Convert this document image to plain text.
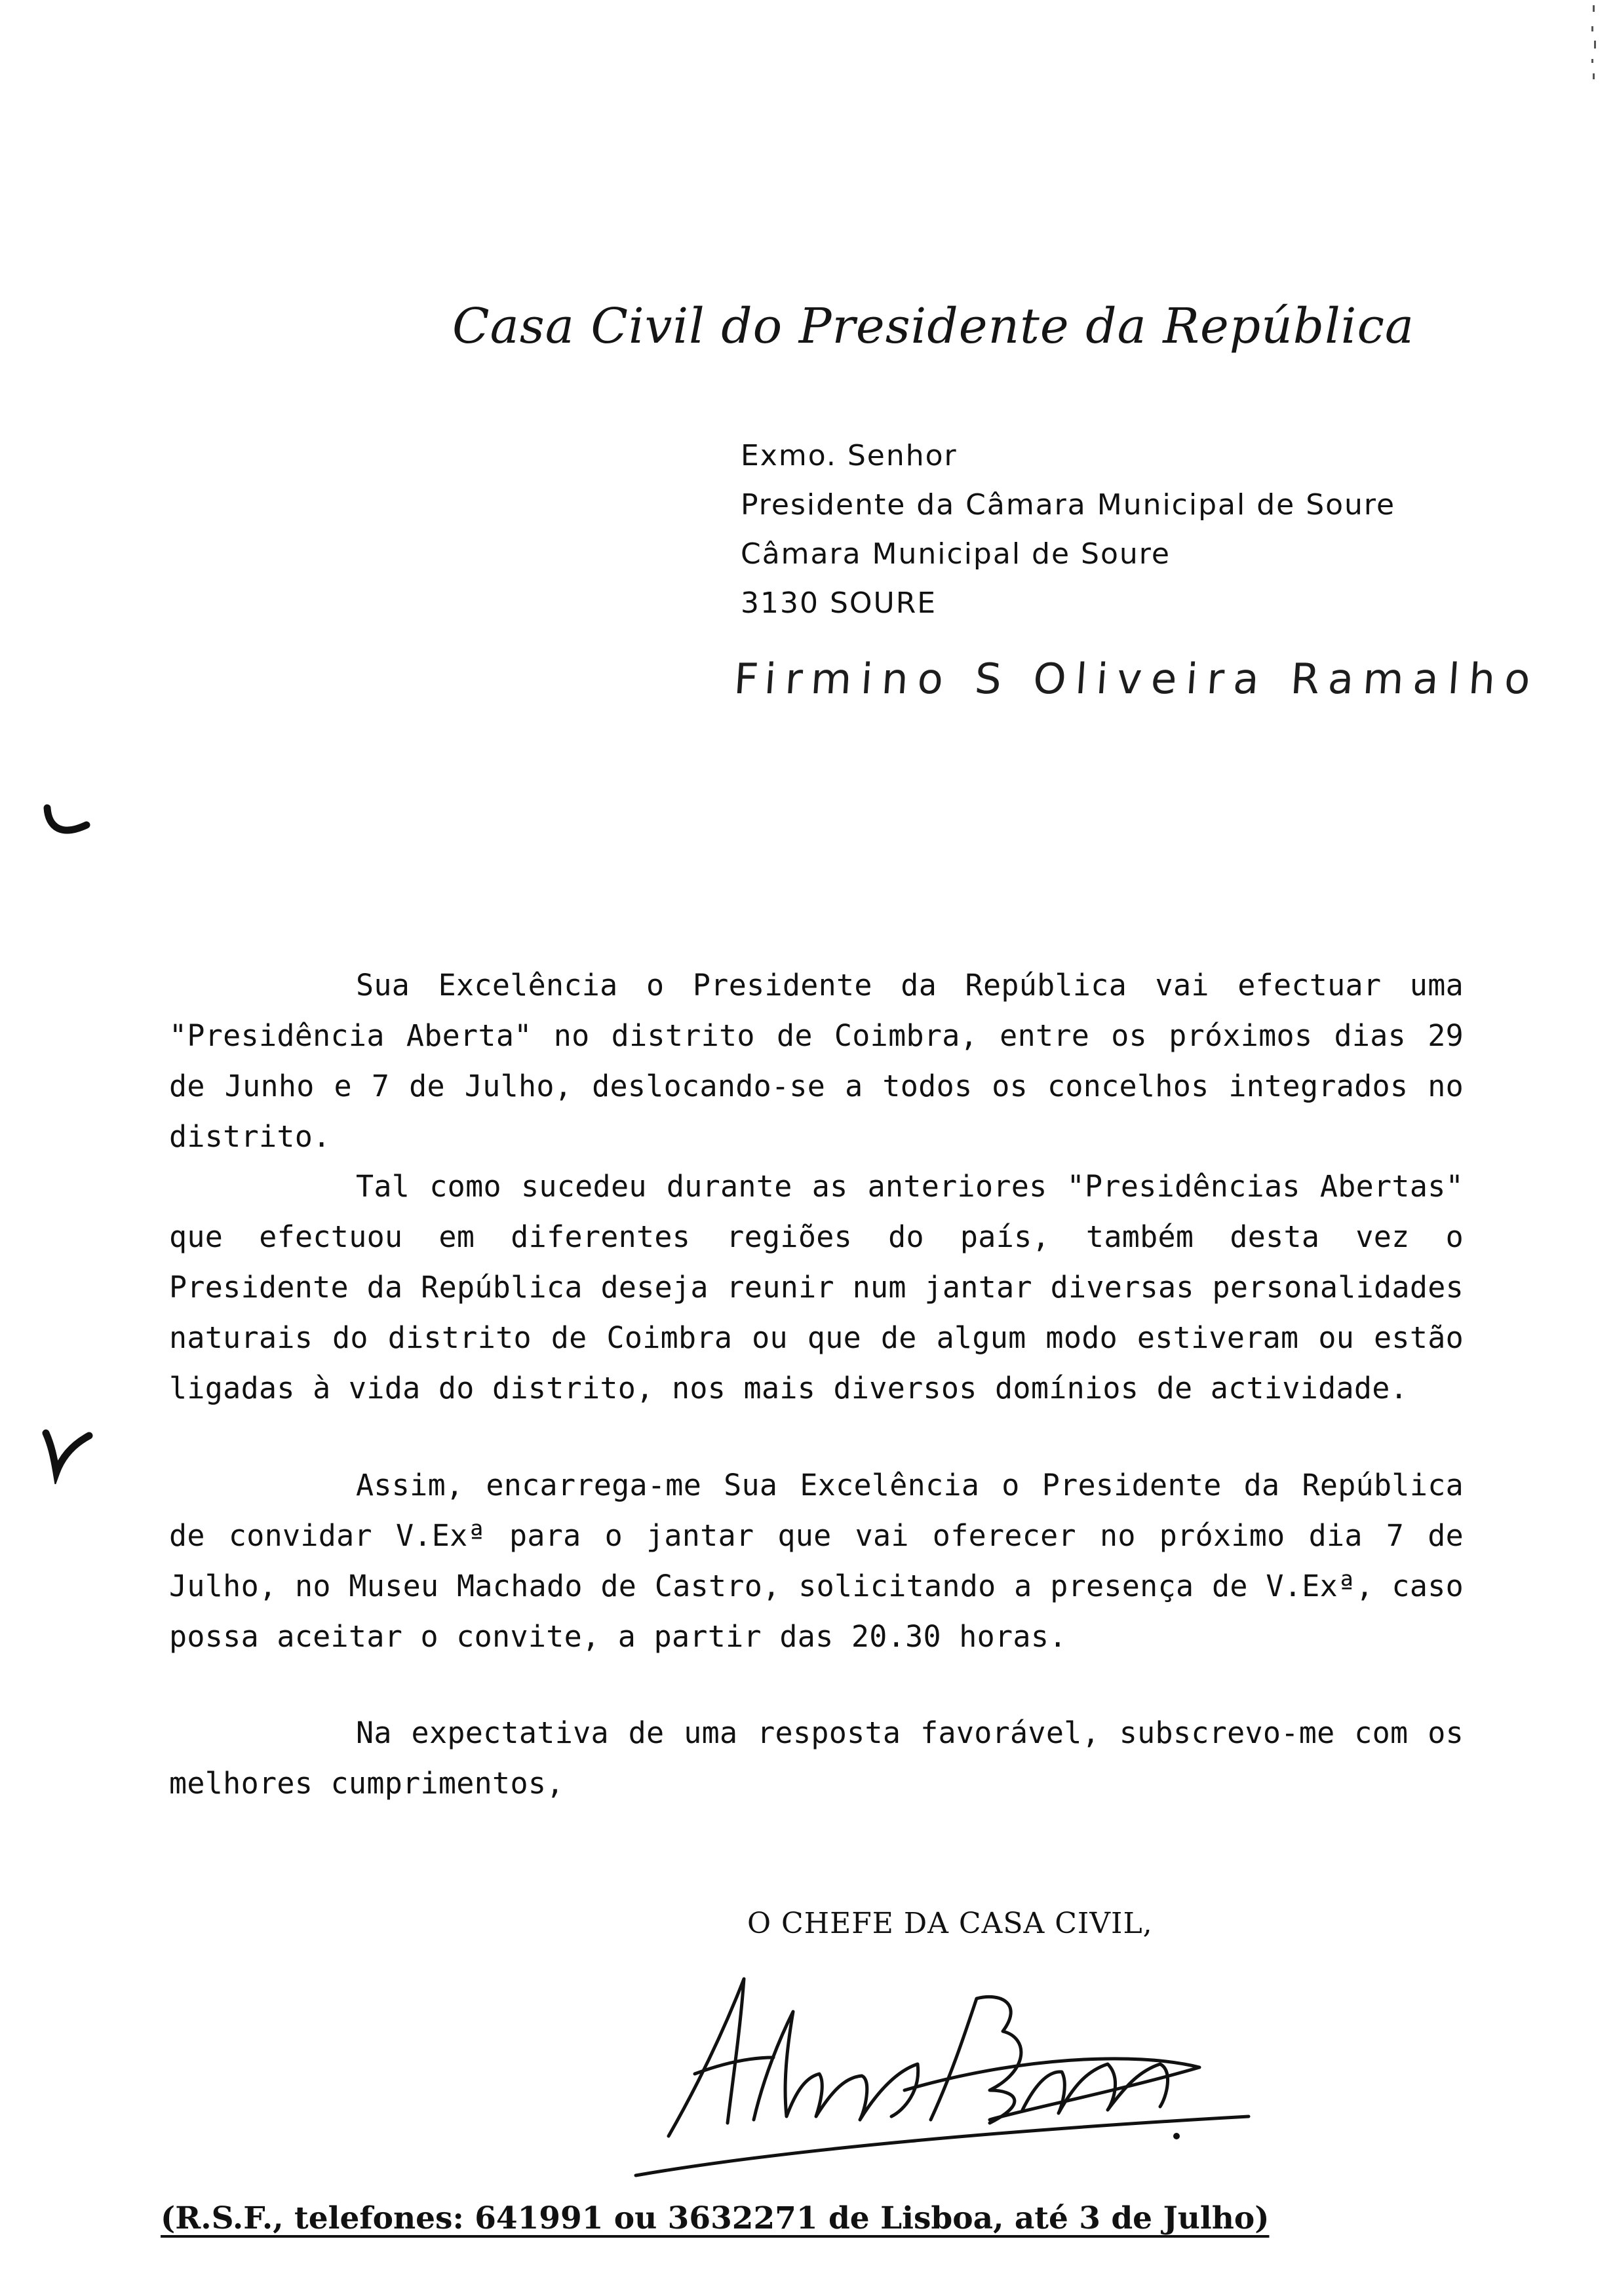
Casa Civil do Presidente da República
Exmo. Senhor
Presidente da Câmara Municipal de Soure
Câmara Municipal de Soure
3130 SOURE
Firmino S Oliveira Ramalho

Sua Excelência o Presidente da República vai efectuar uma "Presidência Aberta" no distrito de Coimbra, entre os próximos dias 29 de Junho e 7 de Julho, deslocando-se a todos os concelhos integrados no distrito.

Tal como sucedeu durante as anteriores "Presidências Abertas" que efectuou em diferentes regiões do país, também desta vez o Presidente da República deseja reunir num jantar diversas personalidades naturais do distrito de Coimbra ou que de algum modo estiveram ou estão ligadas à vida do distrito, nos mais diversos domínios de actividade.

Assim, encarrega-me Sua Excelência o Presidente da República de convidar V.Exª para o jantar que vai oferecer no próximo dia 7 de Julho, no Museu Machado de Castro, solicitando a presença de V.Exª, caso possa aceitar o convite, a partir das 20.30 horas.

Na expectativa de uma resposta favorável, subscrevo-me com os melhores cumprimentos,

O CHEFE DA CASA CIVIL,
(R.S.F., telefones: 641991 ou 3632271 de Lisboa, até 3 de Julho)
